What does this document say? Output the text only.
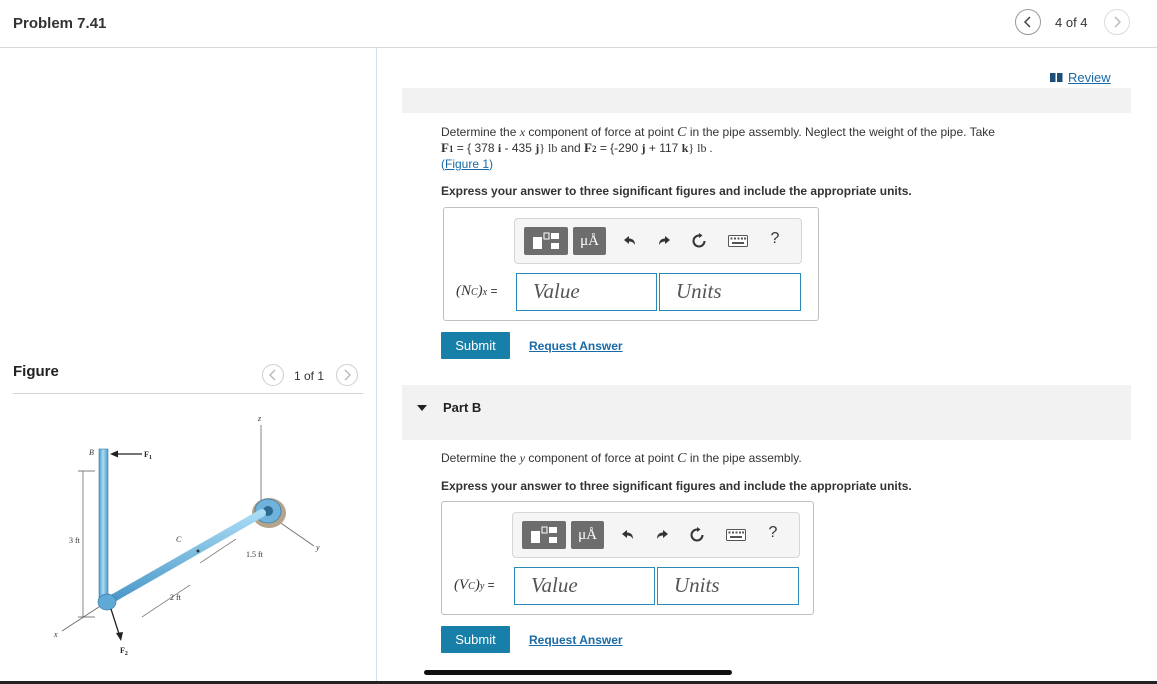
Problem 7.41	4 of 4
Figure	1 of 1
z
y
x
3 ft
2 ft
1.5 ft
C
B	$F_1$
$F_2$
Review
Determine the x component of force at point C in the pipe assembly. Neglect the weight of the pipe. Take
F1 = { 378 i - 435 j} lb and F2 = {-290 j + 117 k} lb .
(Figure 1)
Express your answer to three significant figures and include the appropriate units.
μÅ	?
(NC)x =	Value	Units
Submit	Request Answer
Part B
Determine the y component of force at point C in the pipe assembly.
Express your answer to three significant figures and include the appropriate units.
μÅ	?
(VC)y =	Value	Units
Submit	Request Answer
